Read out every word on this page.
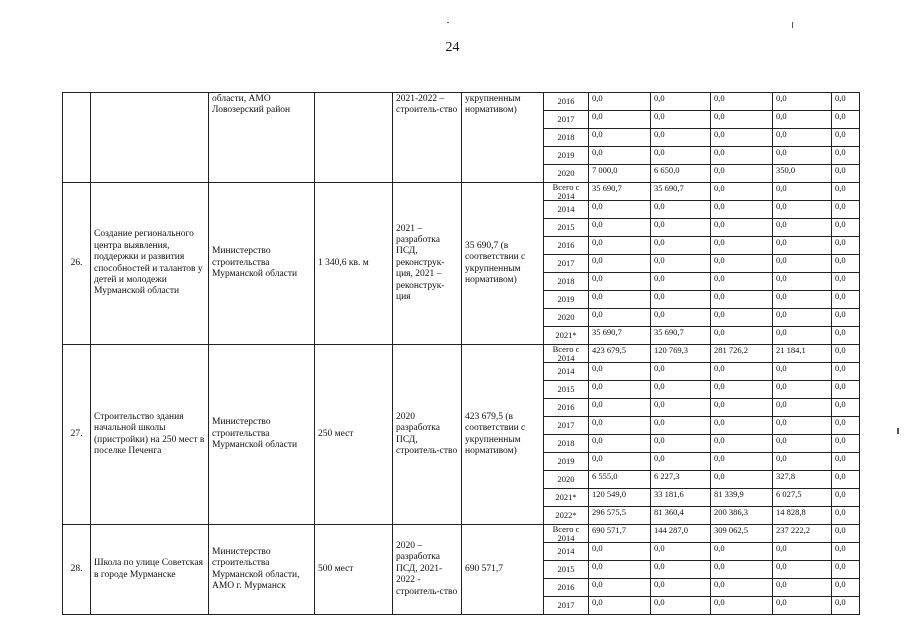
24
		области, АМО Ловозерский район		2021-2022 – строитель-ство	укрупненным нормативом)	2016	0,0	0,0	0,0	0,0	0,0
						2017	0,0	0,0	0,0	0,0	0,0
						2018	0,0	0,0	0,0	0,0	0,0
						2019	0,0	0,0	0,0	0,0	0,0
						2020	7 000,0	6 650,0	0,0	350,0	0,0
26.	Создание регионального центра выявления, поддержки и развития способностей и талантов у детей и молодежи Мурманской области	Министерство строительства Мурманской области	1 340,6 кв. м	2021 – разработка ПСД, реконструк-ция, 2021 – реконструк-ция	35 690,7 (в соответствии с укрупненным нормативом)	Всего с 2014	35 690,7	35 690,7	0,0	0,0	0,0
						2014	0,0	0,0	0,0	0,0	0,0
						2015	0,0	0,0	0,0	0,0	0,0
						2016	0,0	0,0	0,0	0,0	0,0
						2017	0,0	0,0	0,0	0,0	0,0
						2018	0,0	0,0	0,0	0,0	0,0
						2019	0,0	0,0	0,0	0,0	0,0
						2020	0,0	0,0	0,0	0,0	0,0
						2021*	35 690,7	35 690,7	0,0	0,0	0,0
27.	Строительство здания начальной школы (пристройки) на 250 мест в поселке Печенга	Министерство строительства Мурманской области	250 мест	2020 разработка ПСД, строитель-ство	423 679,5 (в соответствии с укрупненным нормативом)	Всего с 2014	423 679,5	120 769,3	281 726,2	21 184,1	0,0
						2014	0,0	0,0	0,0	0,0	0,0
						2015	0,0	0,0	0,0	0,0	0,0
						2016	0,0	0,0	0,0	0,0	0,0
						2017	0,0	0,0	0,0	0,0	0,0
						2018	0,0	0,0	0,0	0,0	0,0
						2019	0,0	0,0	0,0	0,0	0,0
						2020	6 555,0	6 227,3	0,0	327,8	0,0
						2021*	120 549,0	33 181,6	81 339,9	6 027,5	0,0
						2022*	296 575,5	81 360,4	200 386,3	14 828,8	0,0
28.	Школа по улице Советская в городе Мурманске	Министерство строительства Мурманской области, АМО г. Мурманск	500 мест	2020 – разработка ПСД, 2021-2022 - строитель-ство	690 571,7	Всего с 2014	690 571,7	144 287,0	309 062,5	237 222,2	0,0
						2014	0,0	0,0	0,0	0,0	0,0
						2015	0,0	0,0	0,0	0,0	0,0
						2016	0,0	0,0	0,0	0,0	0,0
						2017	0,0	0,0	0,0	0,0	0,0
